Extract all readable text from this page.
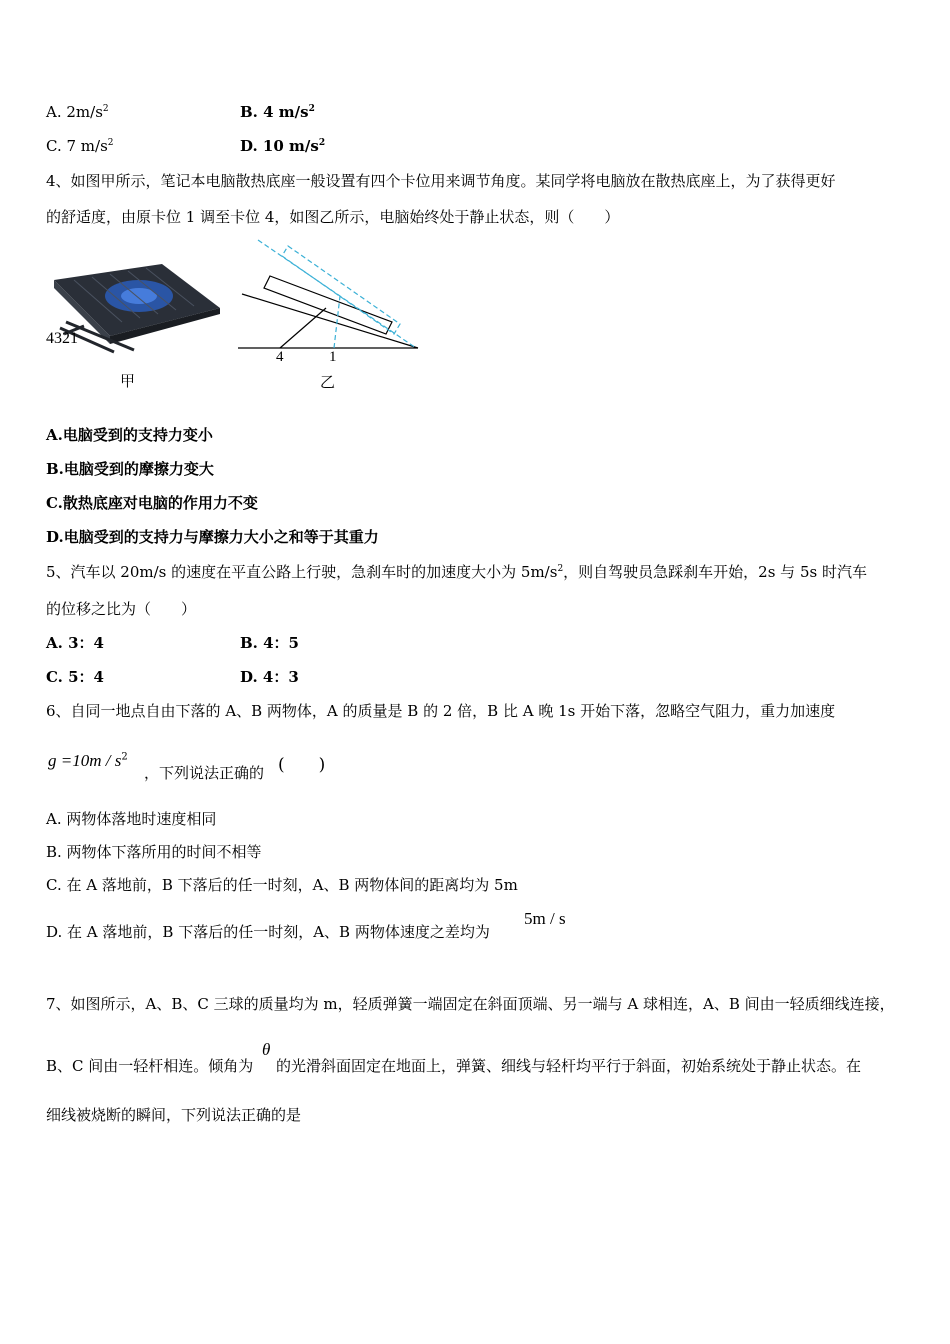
A. $2m/s^2$	B. 4 $m/s^2$
C. 7 $m/s^2$	D. 10 $m/s^2$
4、如图甲所示，笔记本电脑散热底座一般设置有四个卡位用来调节角度。某同学将电脑放在散热底座上，为了获得更好
的舒适度，由原卡位 1 调至卡位 4，如图乙所示，电脑始终处于静止状态，则（　　）
4321
甲
4	1
乙
A.电脑受到的支持力变小
B.电脑受到的摩擦力变大
C.散热底座对电脑的作用力不变
D.电脑受到的支持力与摩擦力大小之和等于其重力
5、汽车以 20m/s 的速度在平直公路上行驶，急刹车时的加速度大小为 $5m/s^2$，则自驾驶员急踩刹车开始，2s 与 5s 时汽车
的位移之比为（　　）
A. 3：4	B. 4：5
C. 5：4	D. 4：3
6、自同一地点自由下落的 A、B 两物体，A 的质量是 B 的 2 倍，B 比 A 晚 1s 开始下落，忽略空气阻力，重力加速度
$g =10m / s^2$
，下列说法正确的 (　　)
A. 两物体落地时速度相同
B. 两物体下落所用的时间不相等
C. 在 A 落地前，B 下落后的任一时刻，A、B 两物体间的距离均为 5m
D. 在 A 落地前，B 下落后的任一时刻，A、B 两物体速度之差均为
5m / s
7、如图所示，A、B、C 三球的质量均为 m，轻质弹簧一端固定在斜面顶端、另一端与 A 球相连，A、B 间由一轻质细线连接，
θ
B、C 间由一轻杆相连。倾角为 的光滑斜面固定在地面上，弹簧、细线与轻杆均平行于斜面，初始系统处于静止状态。在
细线被烧断的瞬间，下列说法正确的是
